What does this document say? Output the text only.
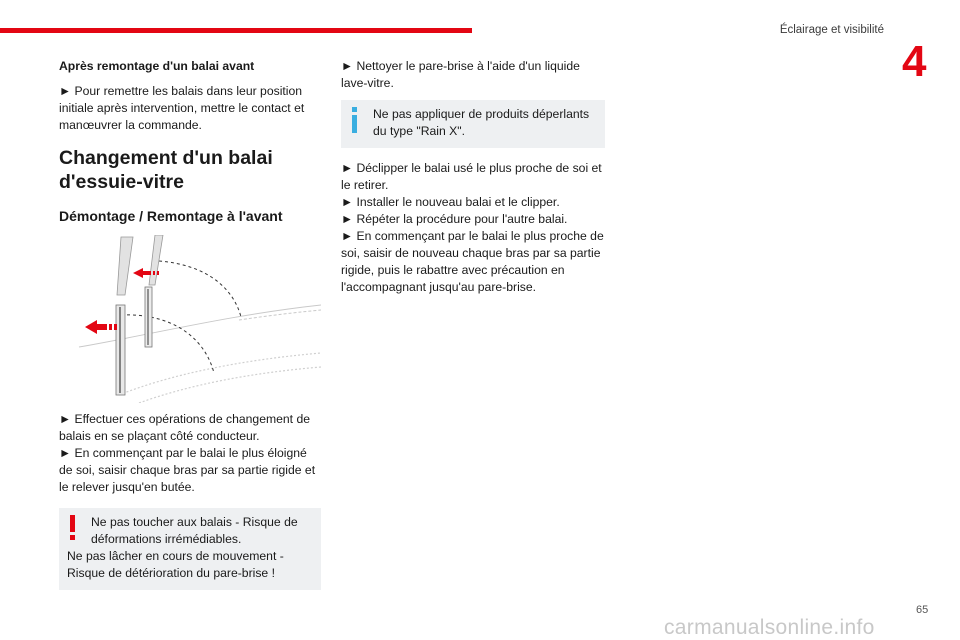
Éclairage et visibilité
4
Après remontage d'un balai avant

► Pour remettre les balais dans leur position initiale après intervention, mettre le contact et manœuvrer la commande.

Changement d'un balai d'essuie-vitre
Démontage / Remontage à l'avant

► Effectuer ces opérations de changement de balais en se plaçant côté conducteur.

► En commençant par le balai le plus éloigné de soi, saisir chaque bras par sa partie rigide et le relever jusqu'en butée.

Ne pas toucher aux balais - Risque de déformations irrémédiables.

Ne pas lâcher en cours de mouvement - Risque de détérioration du pare-brise !

► Nettoyer le pare-brise à l'aide d'un liquide lave-vitre.

Ne pas appliquer de produits déperlants du type "Rain X".

► Déclipper le balai usé le plus proche de soi et le retirer.

► Installer le nouveau balai et le clipper.

► Répéter la procédure pour l'autre balai.

► En commençant par le balai le plus proche de soi, saisir de nouveau chaque bras par sa partie rigide, puis le rabattre avec précaution en l'accompagnant jusqu'au pare-brise.

carmanualsonline.info
65
